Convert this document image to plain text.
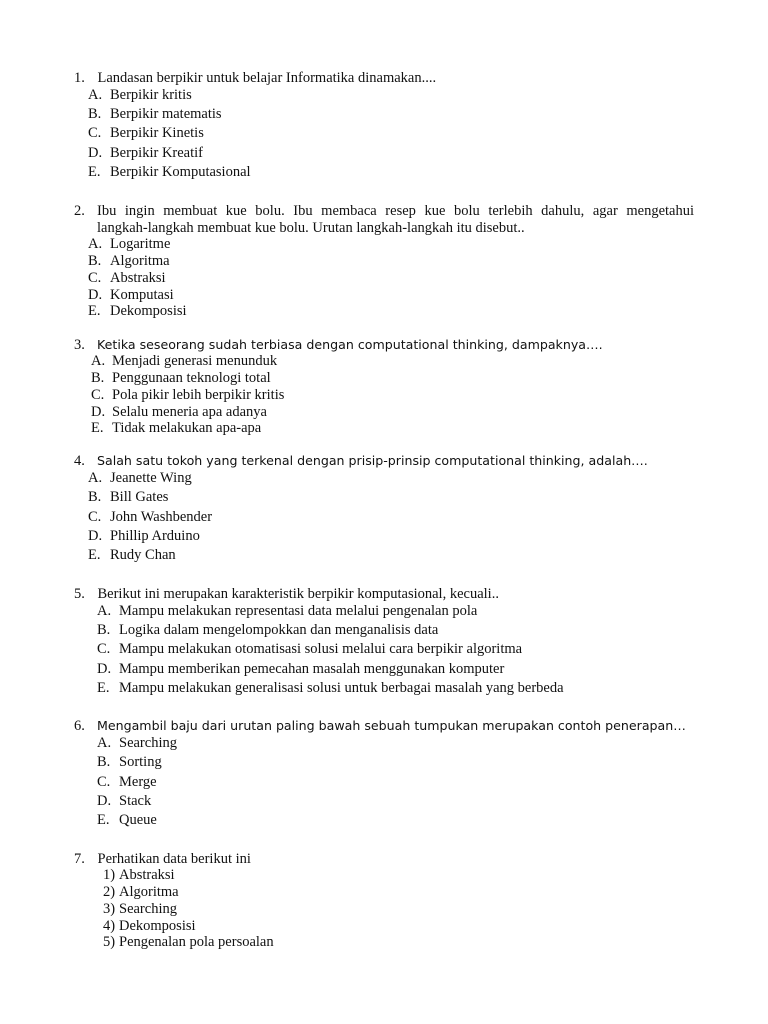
1. Landasan berpikir untuk belajar Informatika dinamakan....
A. Berpikir kritis
B. Berpikir matematis
C. Berpikir Kinetis
D. Berpikir Kreatif
E. Berpikir Komputasional
2. Ibu ingin membuat kue bolu. Ibu membaca resep kue bolu terlebih dahulu, agar mengetahui
langkah-langkah membuat kue bolu. Urutan langkah-langkah itu disebut..
A. Logaritme
B. Algoritma
C. Abstraksi
D. Komputasi
E. Dekomposisi
3. Ketika seseorang sudah terbiasa dengan computational thinking, dampaknya….
A. Menjadi generasi menunduk
B. Penggunaan teknologi total
C. Pola pikir lebih berpikir kritis
D. Selalu meneria apa adanya
E. Tidak melakukan apa-apa
4. Salah satu tokoh yang terkenal dengan prisip-prinsip computational thinking, adalah….
A. Jeanette Wing
B. Bill Gates
C. John Washbender
D. Phillip Arduino
E. Rudy Chan
5. Berikut ini merupakan karakteristik berpikir komputasional, kecuali..
A. Mampu melakukan representasi data melalui pengenalan pola
B. Logika dalam mengelompokkan dan menganalisis data
C. Mampu melakukan otomatisasi solusi melalui cara berpikir algoritma
D. Mampu memberikan pemecahan masalah menggunakan komputer
E. Mampu melakukan generalisasi solusi untuk berbagai masalah yang berbeda
6. Mengambil baju dari urutan paling bawah sebuah tumpukan merupakan contoh penerapan…
A. Searching
B. Sorting
C. Merge
D. Stack
E. Queue
7. Perhatikan data berikut ini
1) Abstraksi
2) Algoritma
3) Searching
4) Dekomposisi
5) Pengenalan pola persoalan
